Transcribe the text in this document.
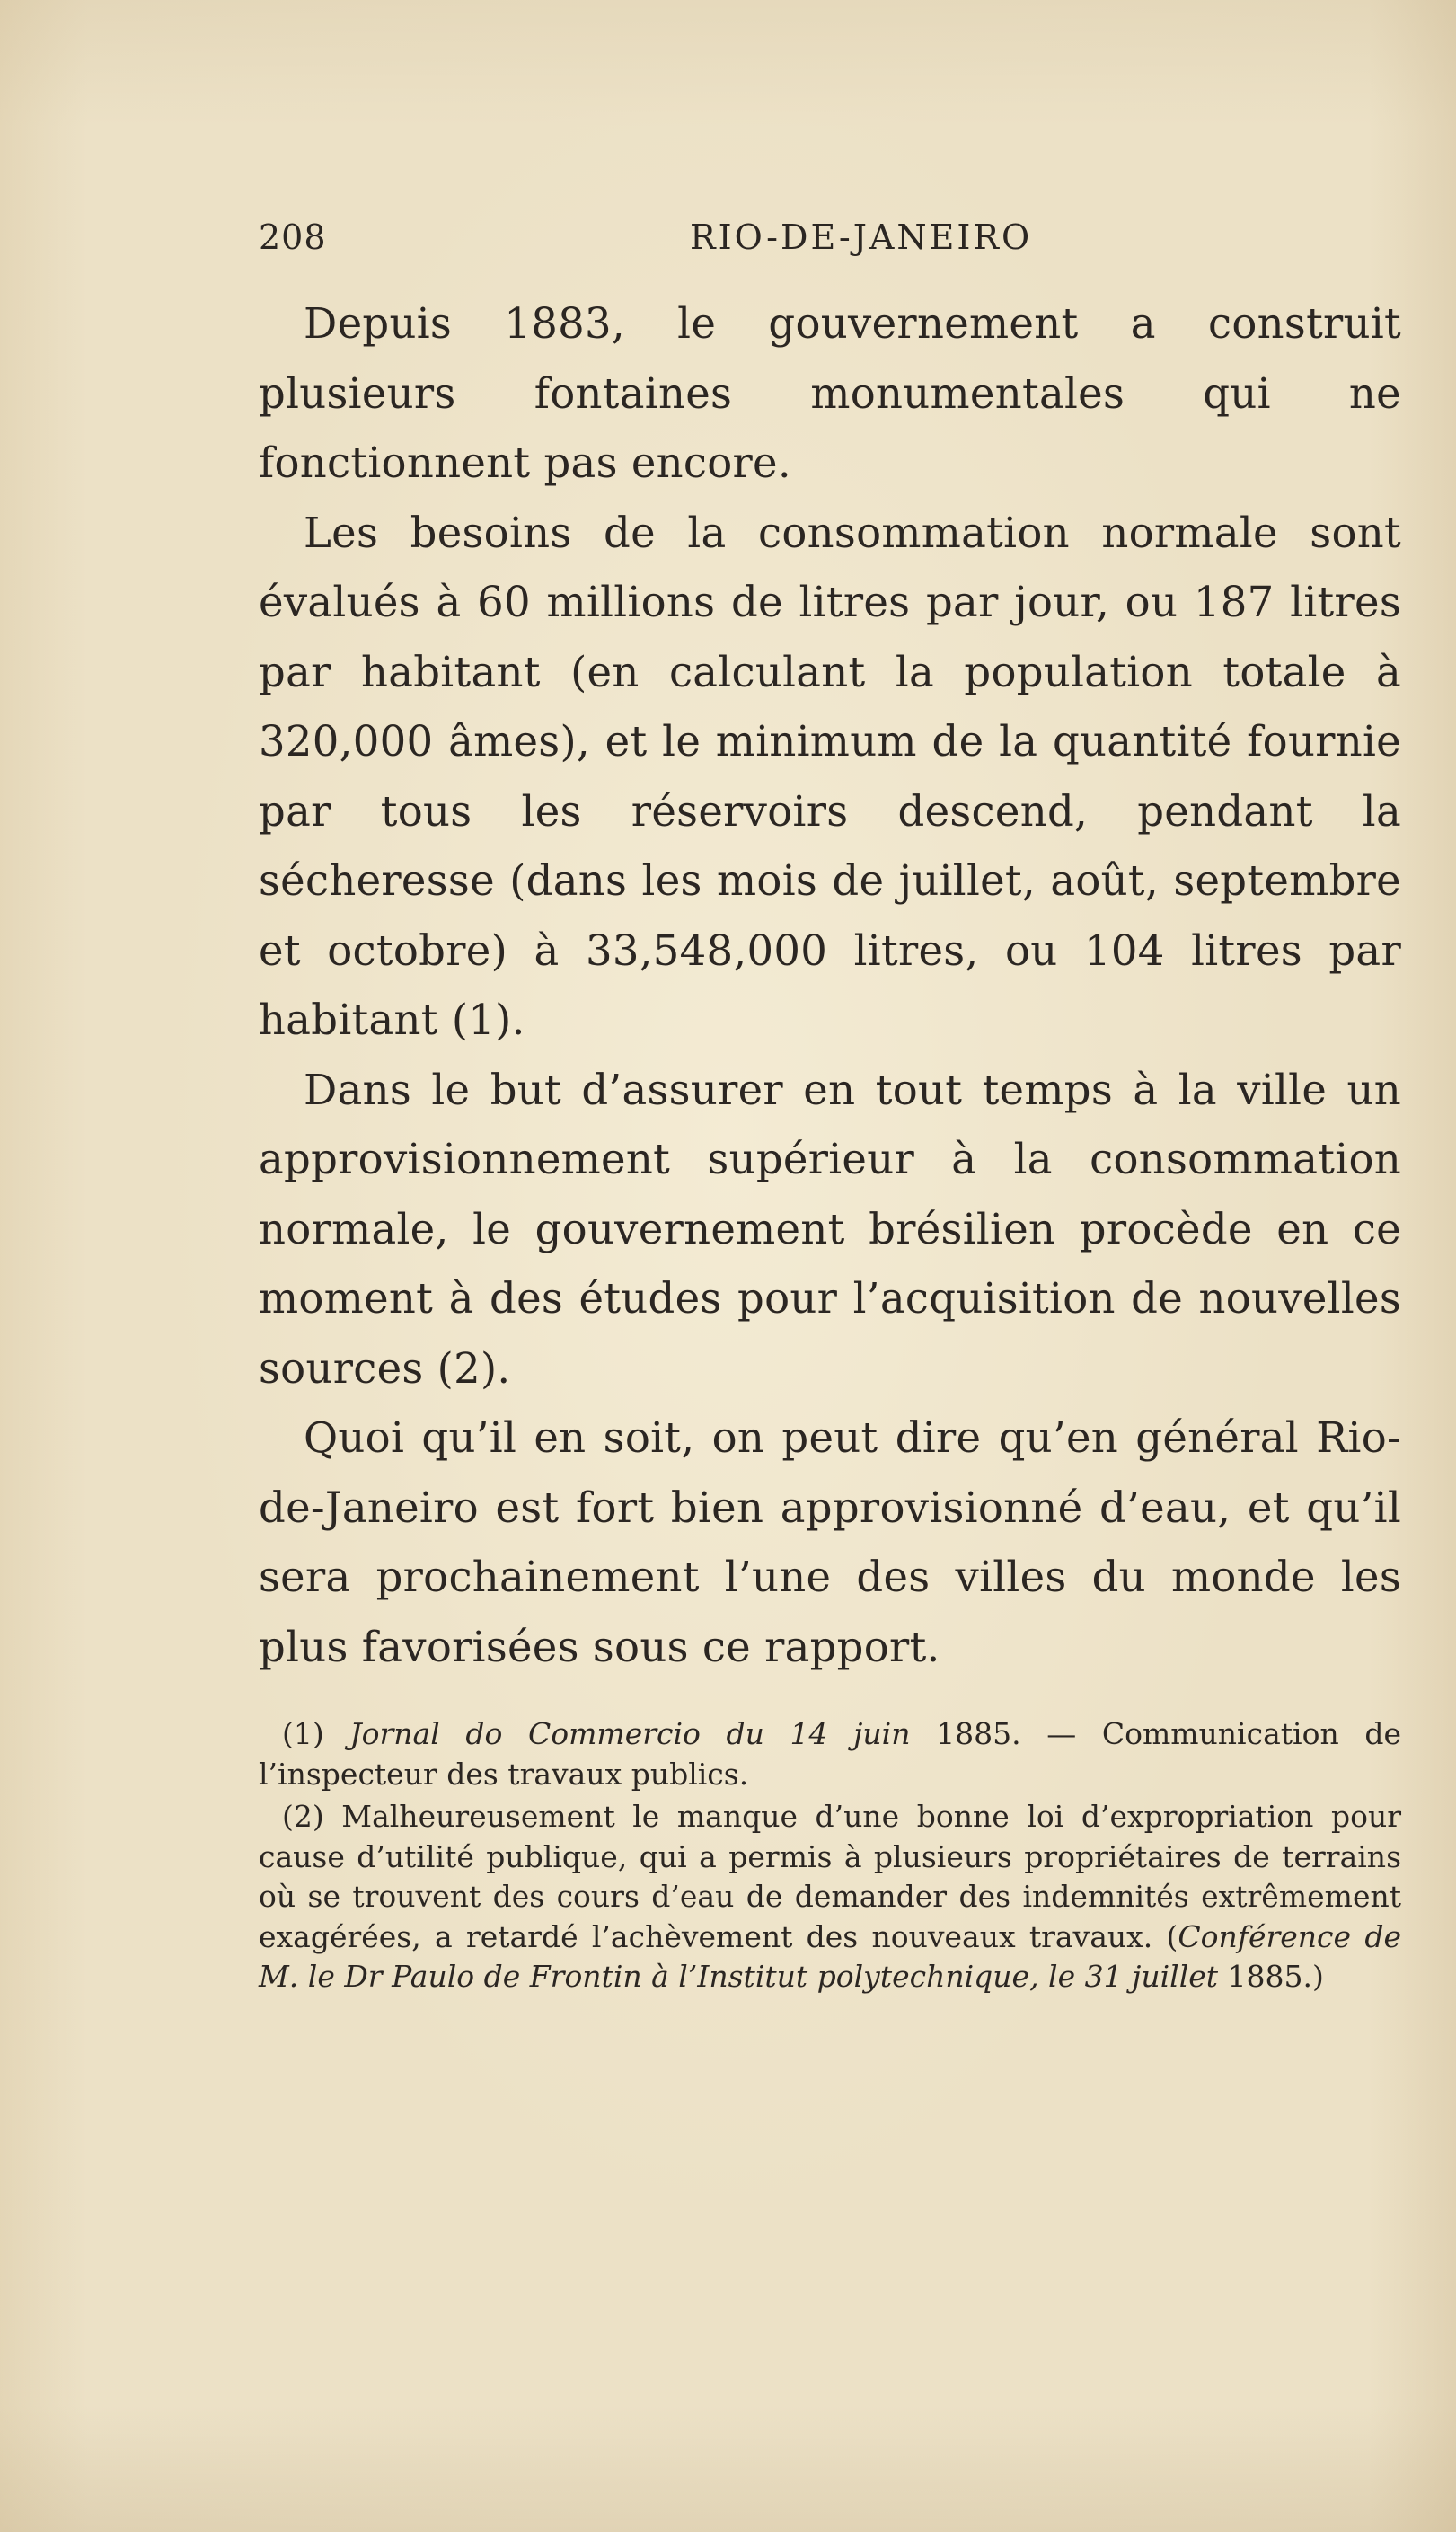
208	RIO-DE-JANEIRO

Depuis 1883, le gouvernement a construit plusieurs fontaines monumentales qui ne fonctionnent pas encore.

Les besoins de la consommation normale sont évalués à 60 millions de litres par jour, ou 187 litres par habitant (en calculant la population totale à 320,000 âmes), et le minimum de la quantité fournie par tous les réservoirs descend, pendant la sécheresse (dans les mois de juillet, août, septembre et octobre) à 33,548,000 litres, ou 104 litres par habitant (1).

Dans le but d’assurer en tout temps à la ville un approvisionnement supérieur à la consommation normale, le gouvernement brésilien procède en ce moment à des études pour l’acquisition de nouvelles sources (2).

Quoi qu’il en soit, on peut dire qu’en général Rio-de-Janeiro est fort bien approvisionné d’eau, et qu’il sera prochainement l’une des villes du monde les plus favorisées sous ce rapport.

(1) Jornal do Commercio du 14 juin 1885. — Communication de l’inspecteur des travaux publics.

(2) Malheureusement le manque d’une bonne loi d’expropriation pour cause d’utilité publique, qui a permis à plusieurs propriétaires de terrains où se trouvent des cours d’eau de demander des indemnités extrêmement exagérées, a retardé l’achèvement des nouveaux travaux. (Conférence de M. le Dr Paulo de Frontin à l’Institut polytechnique, le 31 juillet 1885.)
